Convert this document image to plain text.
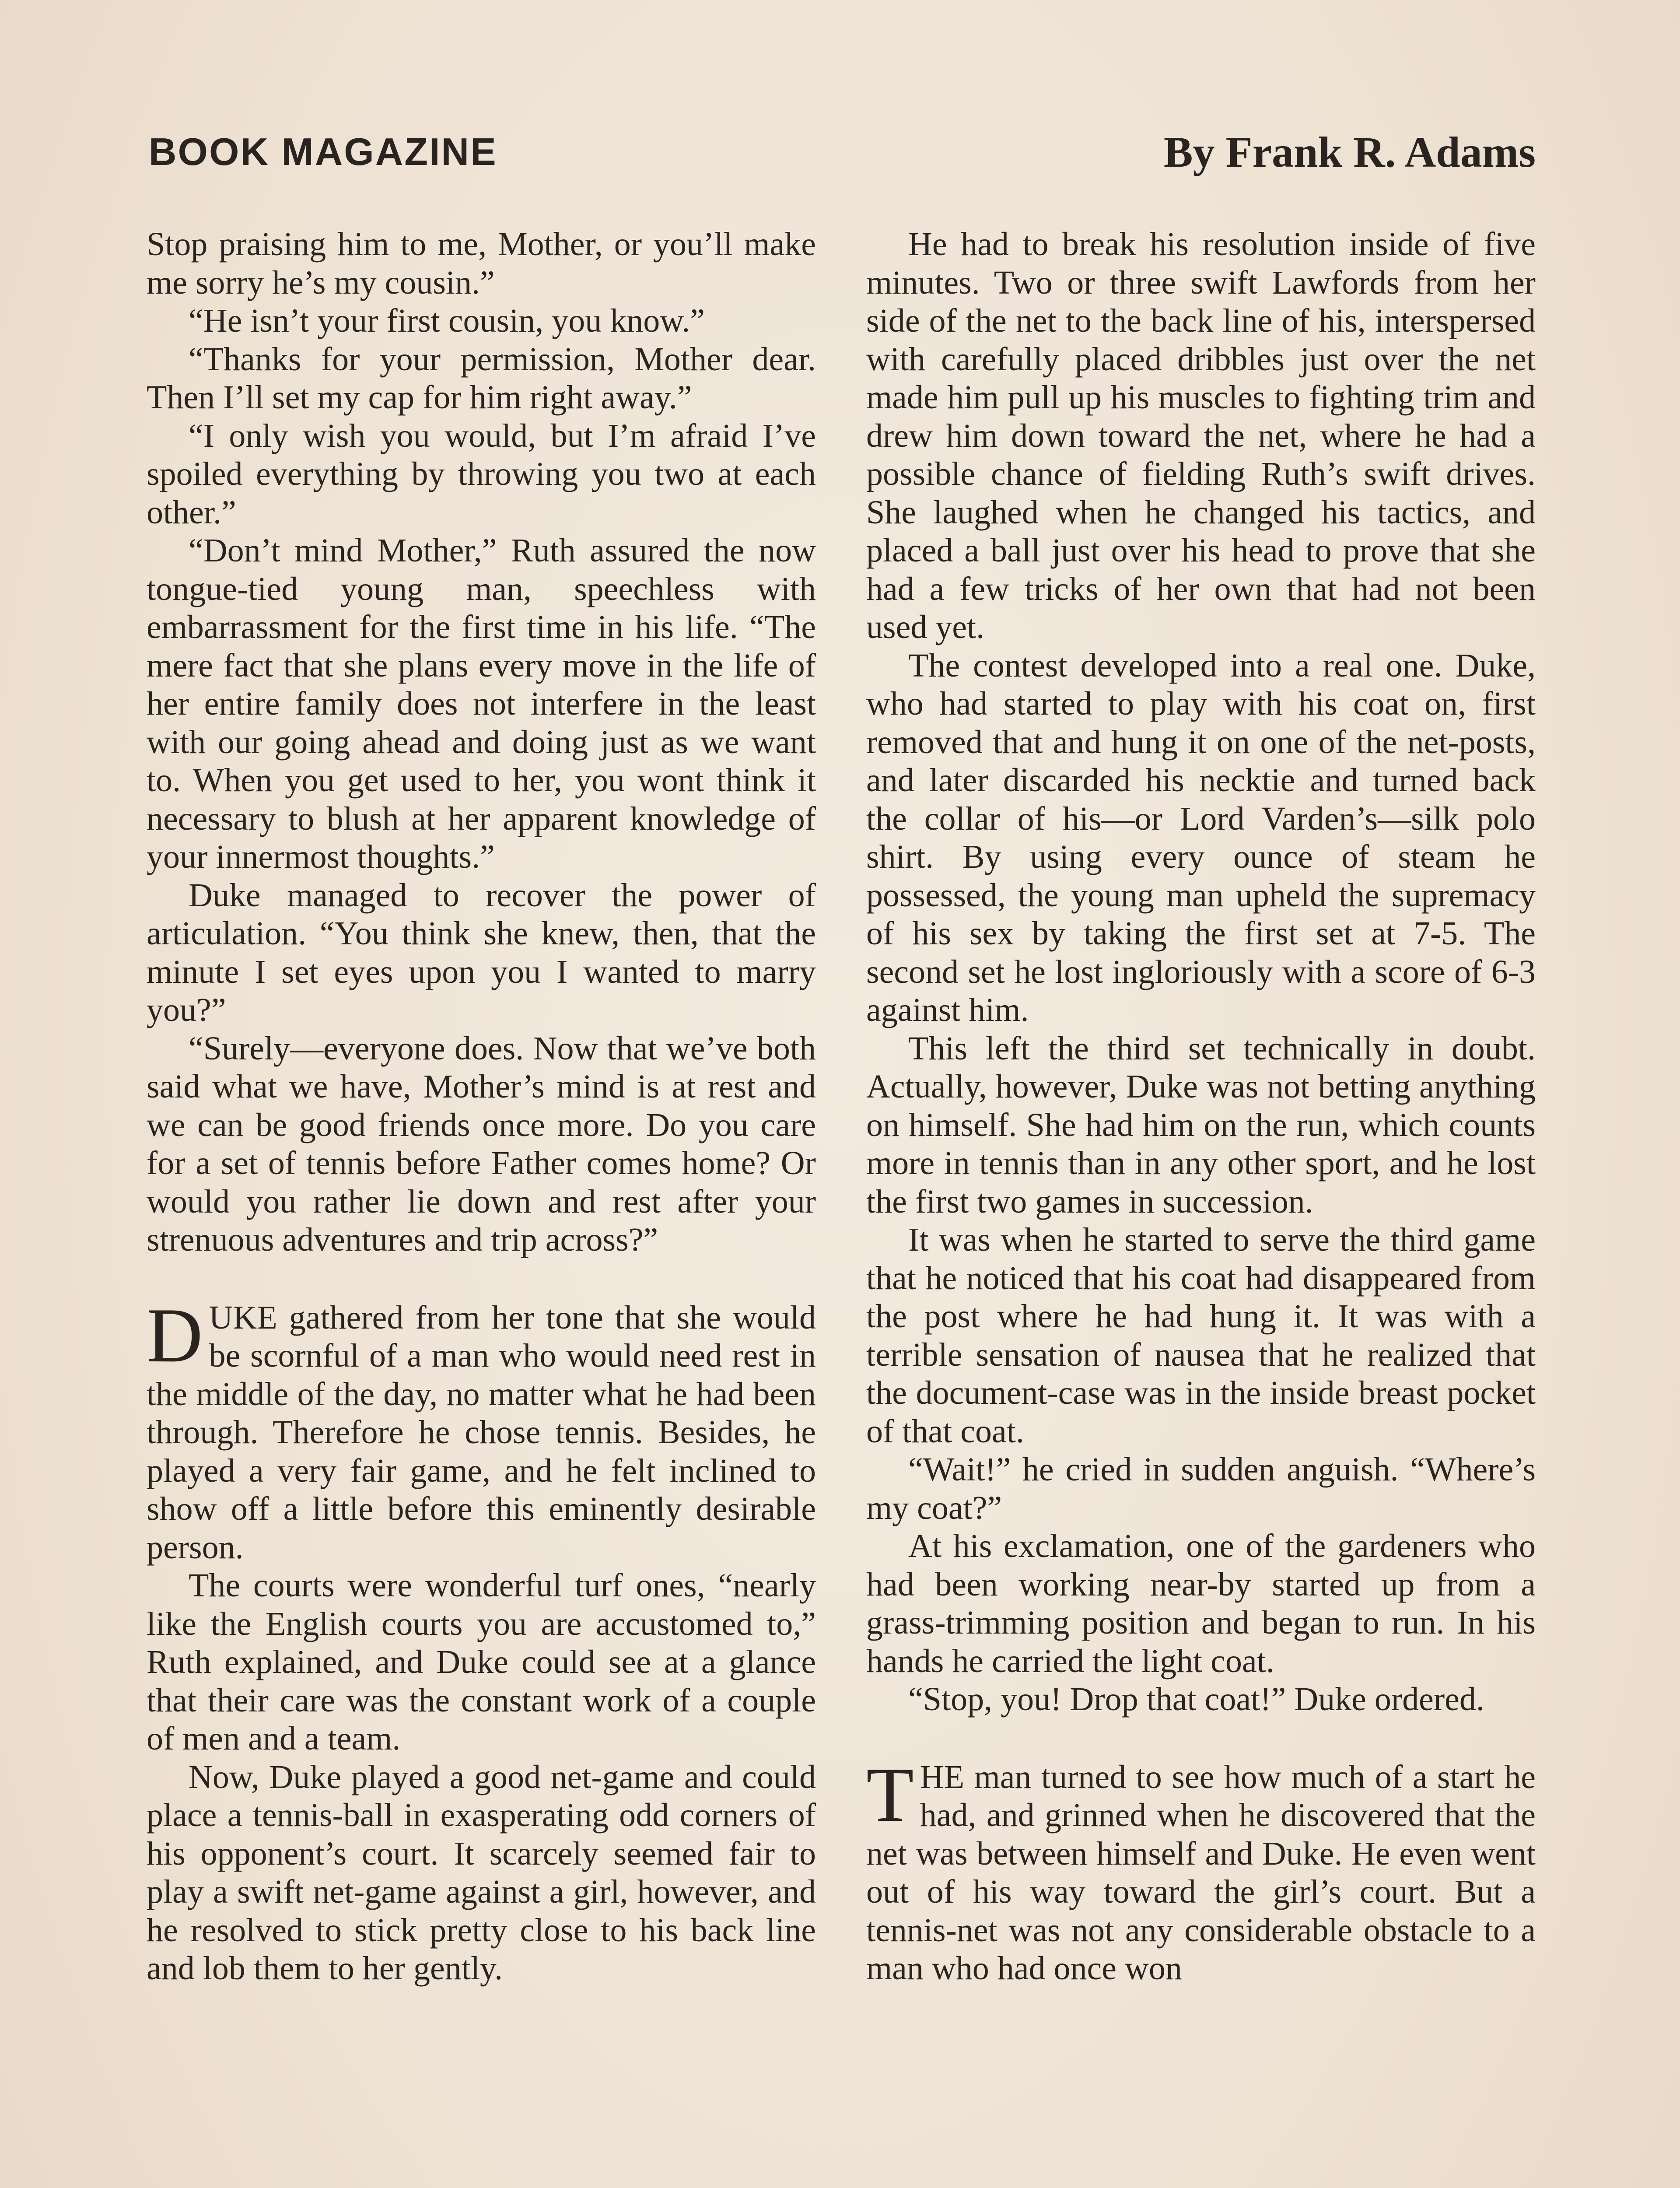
BOOK MAGAZINE	By Frank R. Adams

Stop praising him to me, Mother, or you’ll make me sorry he’s my cousin.”

“He isn’t your first cousin, you know.”

“Thanks for your permission, Mother dear. Then I’ll set my cap for him right away.”

“I only wish you would, but I’m afraid I’ve spoiled everything by throwing you two at each other.”

“Don’t mind Mother,” Ruth assured the now tongue-tied young man, speechless with embarrassment for the first time in his life. “The mere fact that she plans every move in the life of her entire family does not interfere in the least with our going ahead and doing just as we want to. When you get used to her, you wont think it necessary to blush at her apparent knowledge of your innermost thoughts.”

Duke managed to recover the power of articulation. “You think she knew, then, that the minute I set eyes upon you I wanted to marry you?”

“Surely—everyone does. Now that we’ve both said what we have, Mother’s mind is at rest and we can be good friends once more. Do you care for a set of tennis before Father comes home? Or would you rather lie down and rest after your strenuous adventures and trip across?”

DUKE gathered from her tone that she would be scornful of a man who would need rest in the middle of the day, no matter what he had been through. Therefore he chose tennis. Besides, he played a very fair game, and he felt inclined to show off a little before this eminently desirable person.

The courts were wonderful turf ones, “nearly like the English courts you are accustomed to,” Ruth explained, and Duke could see at a glance that their care was the constant work of a couple of men and a team.

Now, Duke played a good net-game and could place a tennis-ball in exasperating odd corners of his opponent’s court. It scarcely seemed fair to play a swift net-game against a girl, however, and he resolved to stick pretty close to his back line and lob them to her gently.

He had to break his resolution inside of five minutes. Two or three swift Lawfords from her side of the net to the back line of his, interspersed with carefully placed dribbles just over the net made him pull up his muscles to fighting trim and drew him down toward the net, where he had a possible chance of fielding Ruth’s swift drives. She laughed when he changed his tactics, and placed a ball just over his head to prove that she had a few tricks of her own that had not been used yet.

The contest developed into a real one. Duke, who had started to play with his coat on, first removed that and hung it on one of the net-posts, and later discarded his necktie and turned back the collar of his—or Lord Varden’s—silk polo shirt. By using every ounce of steam he possessed, the young man upheld the supremacy of his sex by taking the first set at 7-5. The second set he lost ingloriously with a score of 6-3 against him.

This left the third set technically in doubt. Actually, however, Duke was not betting anything on himself. She had him on the run, which counts more in tennis than in any other sport, and he lost the first two games in succession.

It was when he started to serve the third game that he noticed that his coat had disappeared from the post where he had hung it. It was with a terrible sensation of nausea that he realized that the document-case was in the inside breast pocket of that coat.

“Wait!” he cried in sudden anguish. “Where’s my coat?”

At his exclamation, one of the gardeners who had been working near-by started up from a grass-trimming position and began to run. In his hands he carried the light coat.

“Stop, you! Drop that coat!” Duke ordered.

THE man turned to see how much of a start he had, and grinned when he discovered that the net was between himself and Duke. He even went out of his way toward the girl’s court. But a tennis-net was not any considerable obstacle to a man who had once won
